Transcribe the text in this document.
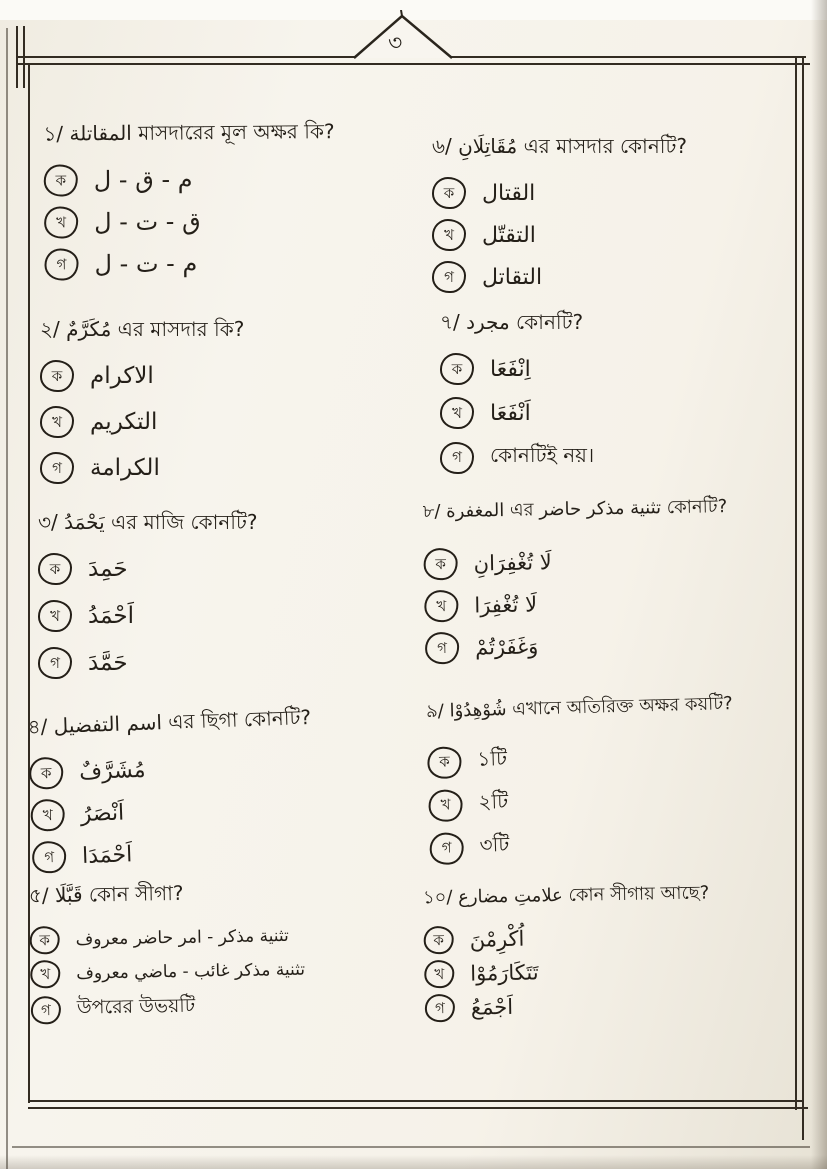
৩
১/ المقاتلة মাসদারের মূল অক্ষর কি?
ক	م - ق - ل
খ	ق - ت - ل
গ	م - ت - ل
২/ مُكَرَّمٌ এর মাসদার কি?
ক	الاكرام
খ	التكريم
গ	الكرامة
৩/ يَحْمَدُ এর মাজি কোনটি?
ক	حَمِدَ
খ	اَحْمَدُ
গ	حَمَّدَ
৪/ اسم التفضيل এর ছিগা কোনটি?
ক	مُشَرَّفٌ
খ	اَنْصَرُ
গ	اَحْمَدَا
৫/ قَبَّلَا কোন সীগা?
ক	تثنية مذكر - امر حاضر معروف
খ	تثنية مذكر غائب - ماضي معروف
গ	উপরের উভয়টি
৬/ مُقَاتِلَانِ এর মাসদার কোনটি?
ক	القتال
খ	التقتّل
গ	التقاتل
৭/ مجرد কোনটি?
ক	اِنْفَعَا
খ	اَنْفَعَا
গ	কোনটিই নয়।
৮/ المغفرة এর تثنية مذكر حاضر কোনটি?
ক	لَا تُغْفِرَانِ
খ	لَا تُغْفِرَا
গ	وَغَفَرْتُمْ
৯/ شُوْهِدُوْا এখানে অতিরিক্ত অক্ষর কয়টি?
ক	১টি
খ	২টি
গ	৩টি
১০/ علامتِ مضارع কোন সীগায় আছে?
ক	اُكْرِمْنَ
খ	تَتَكَارَمُوْا
গ	اَجْمَعُ
